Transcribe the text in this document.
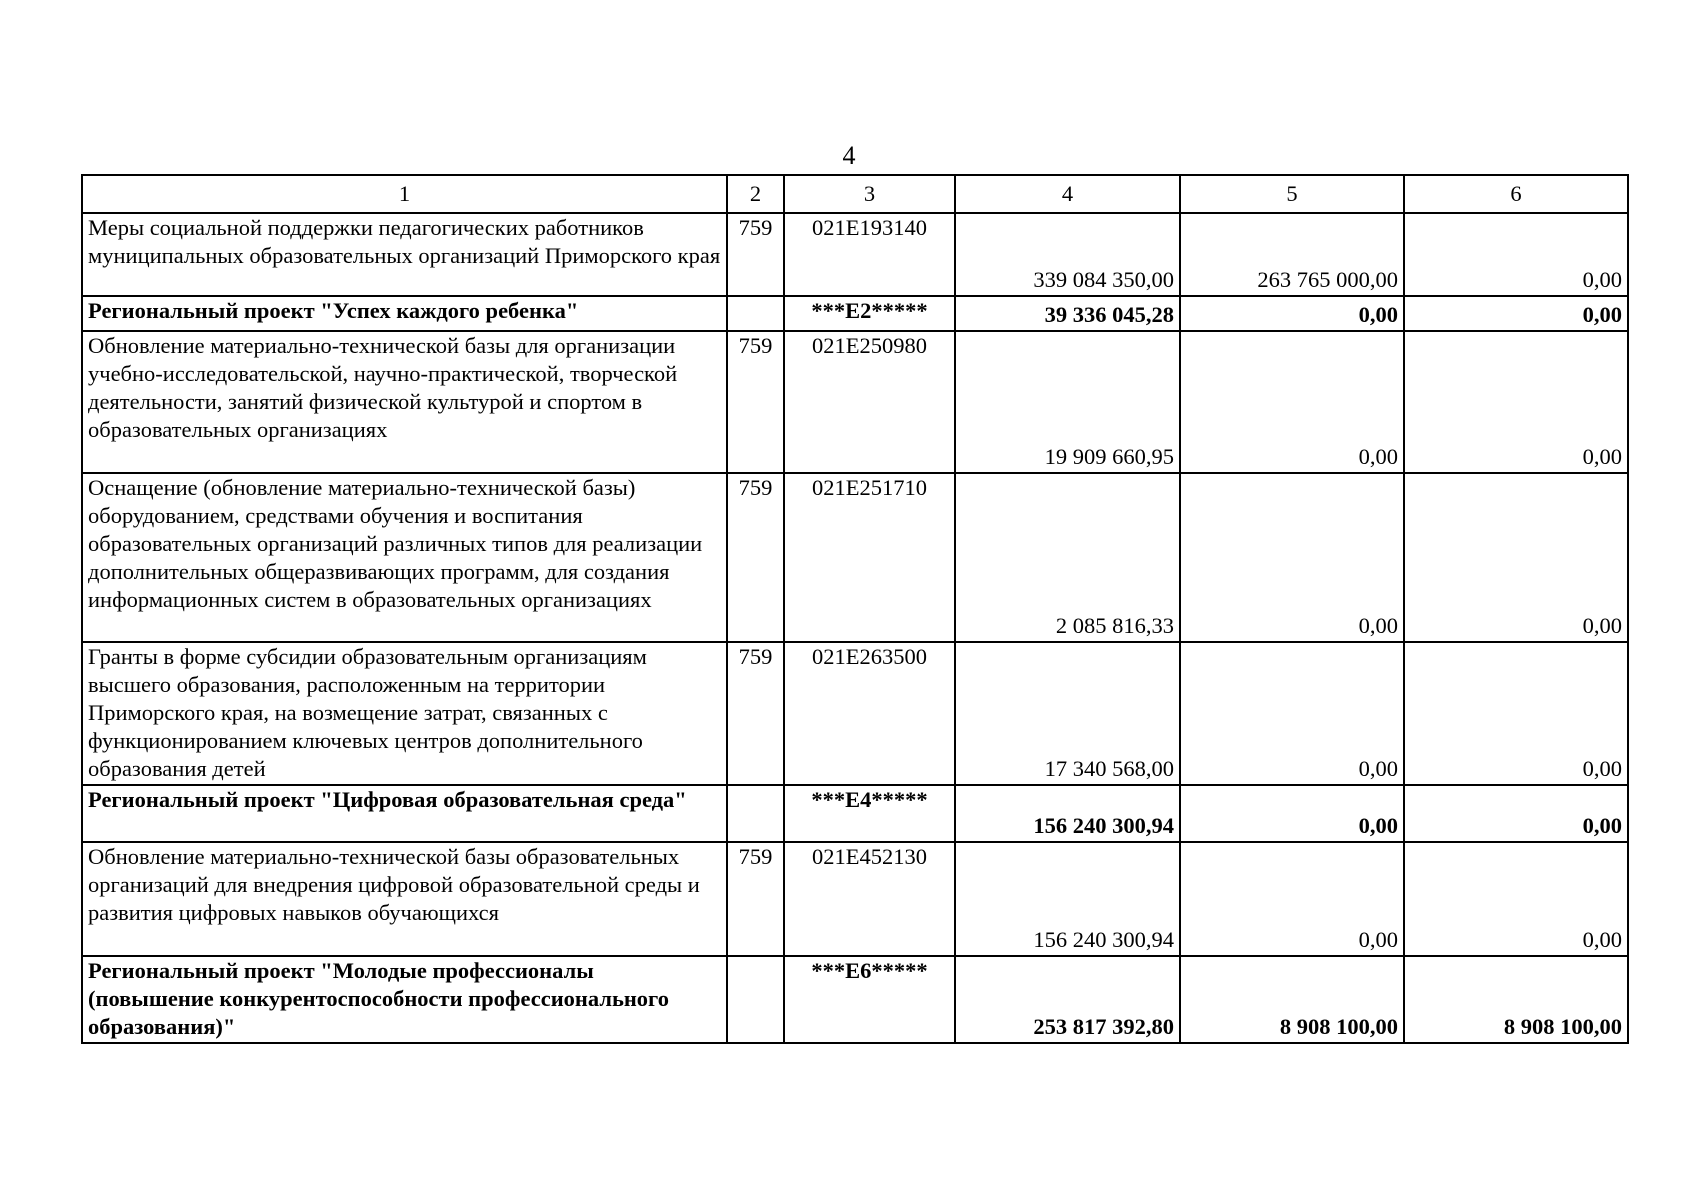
4
1	2	3	4	5	6
Меры социальной поддержки педагогических работников муниципальных образовательных организаций Приморского края	759	021E193140	339 084 350,00	263 765 000,00	0,00
Региональный проект "Успех каждого ребенка"		***E2*****	39 336 045,28	0,00	0,00
Обновление материально-технической базы для организации учебно-исследовательской, научно-практической, творческой деятельности, занятий физической культурой и спортом в образовательных организациях	759	021E250980	19 909 660,95	0,00	0,00
Оснащение (обновление материально-технической базы) оборудованием, средствами обучения и воспитания образовательных организаций различных типов для реализации дополнительных общеразвивающих программ, для создания информационных систем в образовательных организациях	759	021E251710	2 085 816,33	0,00	0,00
Гранты в форме субсидии образовательным организациям высшего образования, расположенным на территории Приморского края, на возмещение затрат, связанных с функционированием ключевых центров дополнительного образования детей	759	021E263500	17 340 568,00	0,00	0,00
Региональный проект "Цифровая образовательная среда"		***E4*****	156 240 300,94	0,00	0,00
Обновление материально-технической базы образовательных организаций для внедрения цифровой образовательной среды и развития цифровых навыков обучающихся	759	021E452130	156 240 300,94	0,00	0,00
Региональный проект "Молодые профессионалы (повышение конкурентоспособности профессионального образования)"		***E6*****	253 817 392,80	8 908 100,00	8 908 100,00
